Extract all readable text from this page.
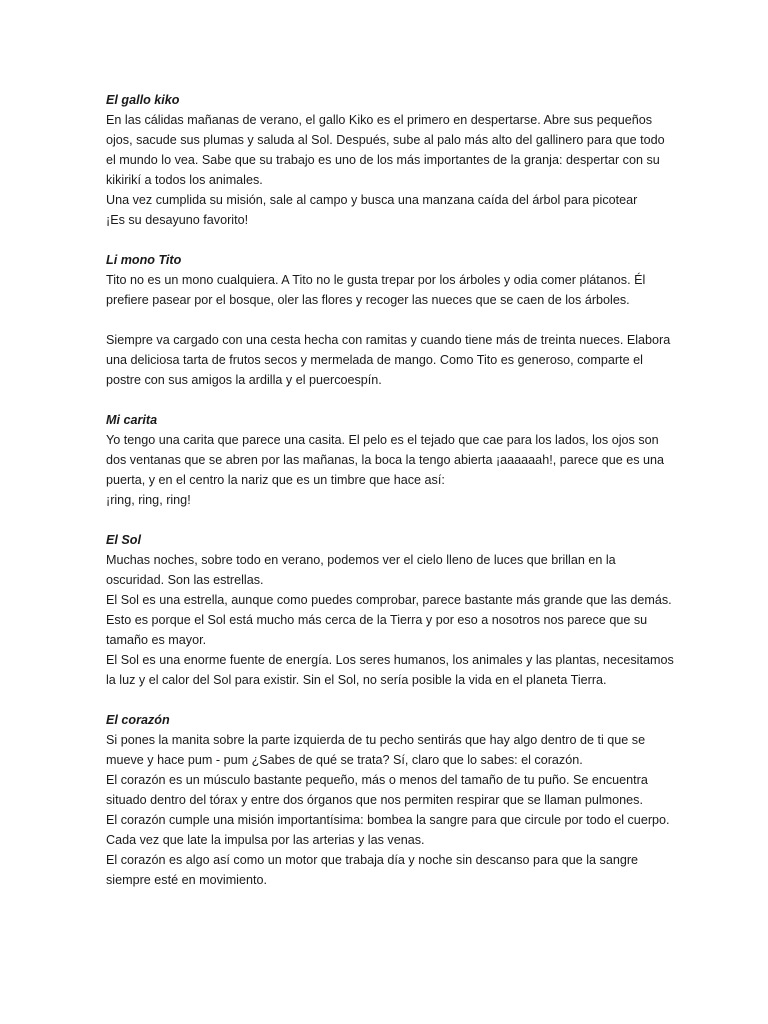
El gallo kiko
En las cálidas mañanas de verano, el gallo Kiko es el primero en despertarse. Abre sus pequeños ojos, sacude sus plumas y saluda al Sol. Después, sube al palo más alto del gallinero para que todo el mundo lo vea. Sabe que su trabajo es uno de los más importantes de la granja: despertar con su kikirikí a todos los animales.
Una vez cumplida su misión, sale al campo y busca una manzana caída del árbol para picotear
¡Es su desayuno favorito!
Li mono Tito
Tito no es un mono cualquiera. A Tito no le gusta trepar por los árboles y odia comer plátanos. Él prefiere pasear por el bosque, oler las flores y recoger las nueces que se caen de los árboles.
Siempre va cargado con una cesta hecha con ramitas y cuando tiene más de treinta nueces. Elabora una deliciosa tarta de frutos secos y mermelada de mango. Como Tito es generoso, comparte el postre con sus amigos la ardilla y el puercoespín.
Mi carita
Yo tengo una carita que parece una casita. El pelo es el tejado que cae para los lados, los ojos son dos ventanas que se abren por las mañanas, la boca la tengo abierta ¡aaaaaah!, parece que es una puerta, y en el centro la nariz que es un timbre que hace así:
¡ring, ring, ring!
El Sol
Muchas noches, sobre todo en verano, podemos ver el cielo lleno de luces que brillan en la oscuridad. Son las estrellas.
El Sol es una estrella, aunque como puedes comprobar, parece bastante más grande que las demás. Esto es porque el Sol está mucho más cerca de la Tierra y por eso a nosotros nos parece que su tamaño es mayor.
El Sol es una enorme fuente de energía. Los seres humanos, los animales y las plantas, necesitamos la luz y el calor del Sol para existir. Sin el Sol, no sería posible la vida en el planeta Tierra.
El corazón
Si pones la manita sobre la parte izquierda de tu pecho sentirás que hay algo dentro de ti que se mueve y hace pum - pum ¿Sabes de qué se trata? Sí, claro que lo sabes: el corazón.
El corazón es un músculo bastante pequeño, más o menos del tamaño de tu puño. Se encuentra situado dentro del tórax y entre dos órganos que nos permiten respirar que se llaman pulmones.
El corazón cumple una misión importantísima: bombea la sangre para que circule por todo el cuerpo. Cada vez que late la impulsa por las arterias y las venas.
El corazón es algo así como un motor que trabaja día y noche sin descanso para que la sangre siempre esté en movimiento.
